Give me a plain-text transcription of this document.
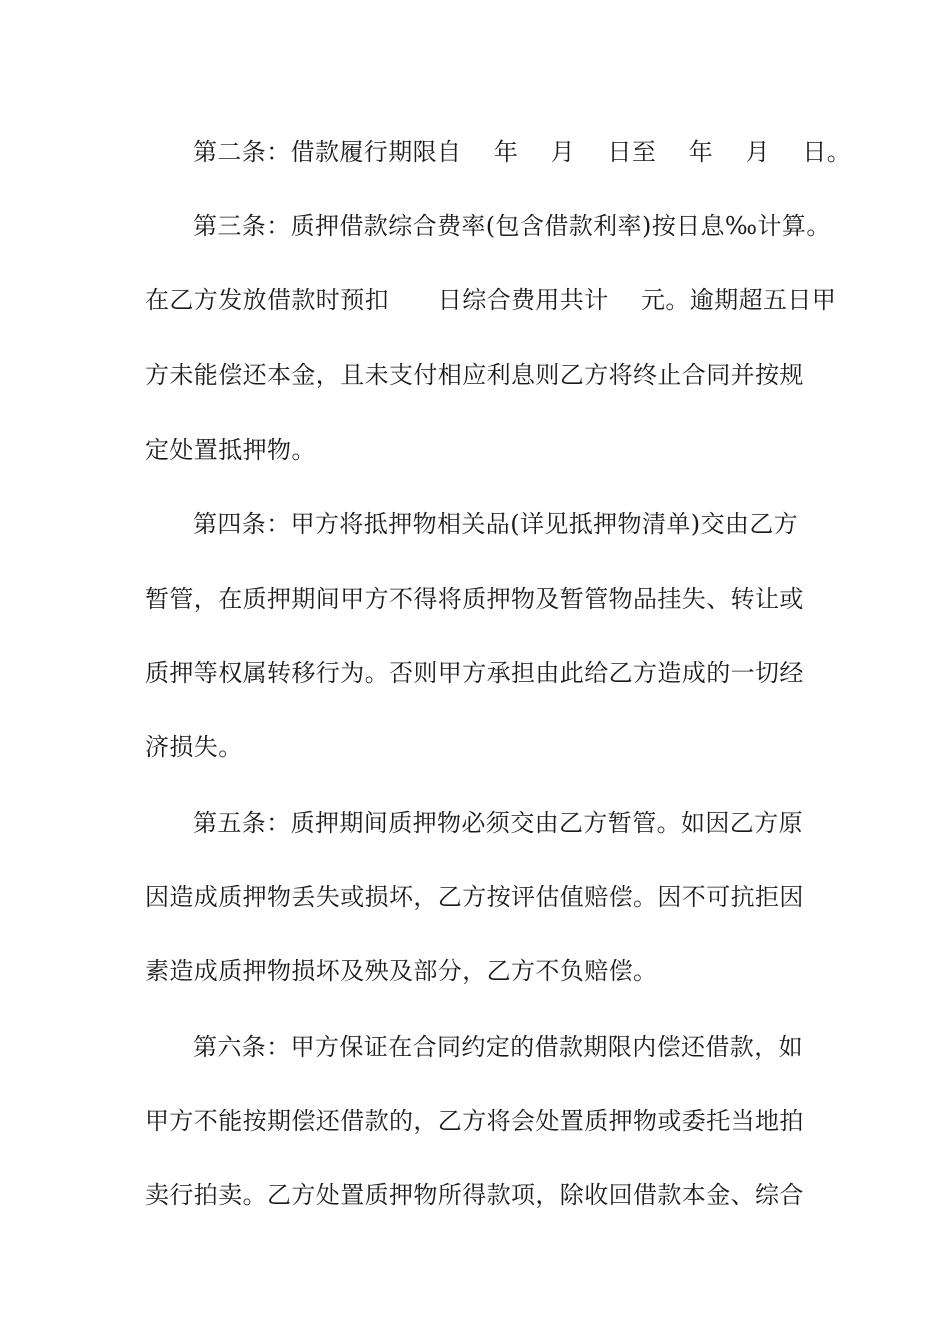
第二条：借款履行期限自　 年　 月　 日至　 年　 月　 日。
第三条：质押借款综合费率(包含借款利率)按日息‰计算。
在乙方发放借款时预扣　　日综合费用共计　 元。逾期超五日甲
方未能偿还本金，且未支付相应利息则乙方将终止合同并按规
定处置抵押物。
第四条：甲方将抵押物相关品(详见抵押物清单)交由乙方
暂管，在质押期间甲方不得将质押物及暂管物品挂失、转让或
质押等权属转移行为。否则甲方承担由此给乙方造成的一切经
济损失。
第五条：质押期间质押物必须交由乙方暂管。如因乙方原
因造成质押物丢失或损坏，乙方按评估值赔偿。因不可抗拒因
素造成质押物损坏及殃及部分，乙方不负赔偿。
第六条：甲方保证在合同约定的借款期限内偿还借款，如
甲方不能按期偿还借款的，乙方将会处置质押物或委托当地拍
卖行拍卖。乙方处置质押物所得款项，除收回借款本金、综合
